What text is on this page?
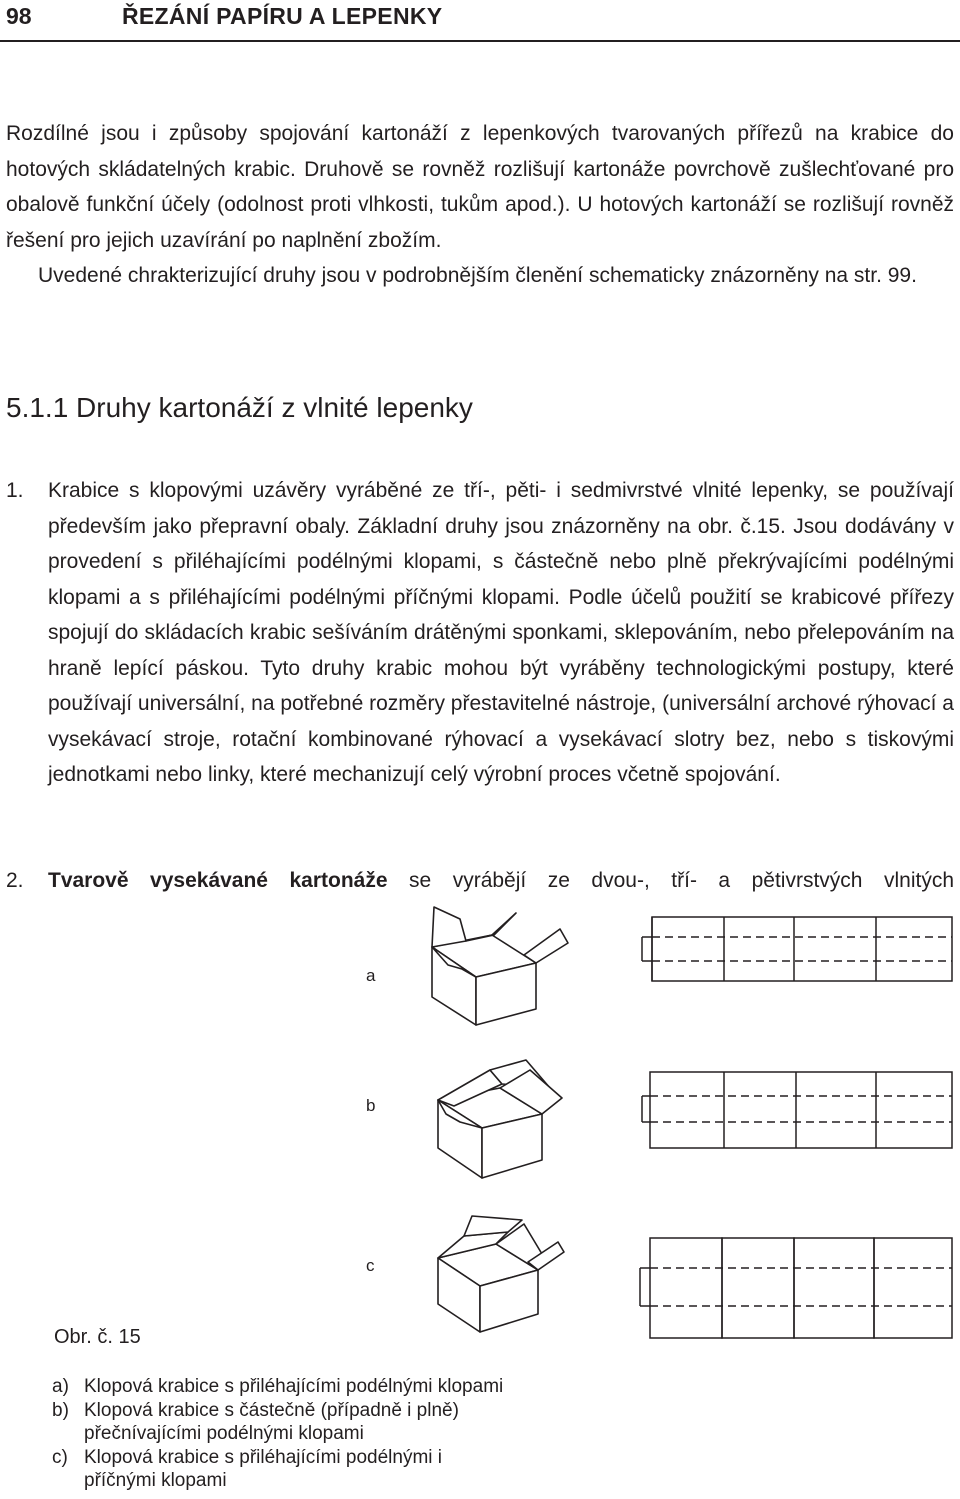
98	ŘEZÁNÍ PAPÍRU A LEPENKY

Rozdílné jsou i způsoby spojování kartonáží z lepenkových tvarovaných přířezů na krabice do hotových skládatelných krabic. Druhově se rovněž rozlišují kartonáže povrchově zušlechťované pro obalově funkční účely (odolnost proti vlhkosti, tukům apod.). U hotových kartonáží se rozlišují rovněž řešení pro jejich uzavírání po naplnění zbožím.

Uvedené chrakterizující druhy jsou v podrobnějším členění schematicky znázorněny na str. 99.

5.1.1 Druhy kartonáží z vlnité lepenky
1. Krabice s klopovými uzávěry vyráběné ze tří-, pěti- i sedmivrstvé vlnité lepenky, se používají především jako přepravní obaly. Základní druhy jsou znázorněny na obr. č.15. Jsou dodávány v provedení s přiléhajícími podélnými klopami, s částečně nebo plně překrývajícími podélnými klopami a s přiléhajícími podélnými příčnými klopami. Podle účelů použití se krabicové přířezy spojují do skládacích krabic sešíváním drátěnými sponkami, sklepováním, nebo přelepováním na hraně lepící páskou. Tyto druhy krabic mohou být vyráběny technologickými postupy, které používají universální, na potřebné rozměry přestavitelné nástroje, (universální archové rýhovací a vysekávací stroje, rotační kombinované rýhovací a vysekávací slotry bez, nebo s tiskovými jednotkami nebo linky, které mechanizují celý výrobní proces včetně spojování.
2. Tvarově vysekávané kartonáže se vyrábějí ze dvou-, tří- a pětivrstvých vlnitých
a
b
c
Obr. č. 15
a) Klopová krabice s přiléhajícími podélnými klopami
b) Klopová krabice s částečně (případně i plně) přečnívajícími podélnými klopami
c) Klopová krabice s přiléhajícími podélnými i příčnými klopami
